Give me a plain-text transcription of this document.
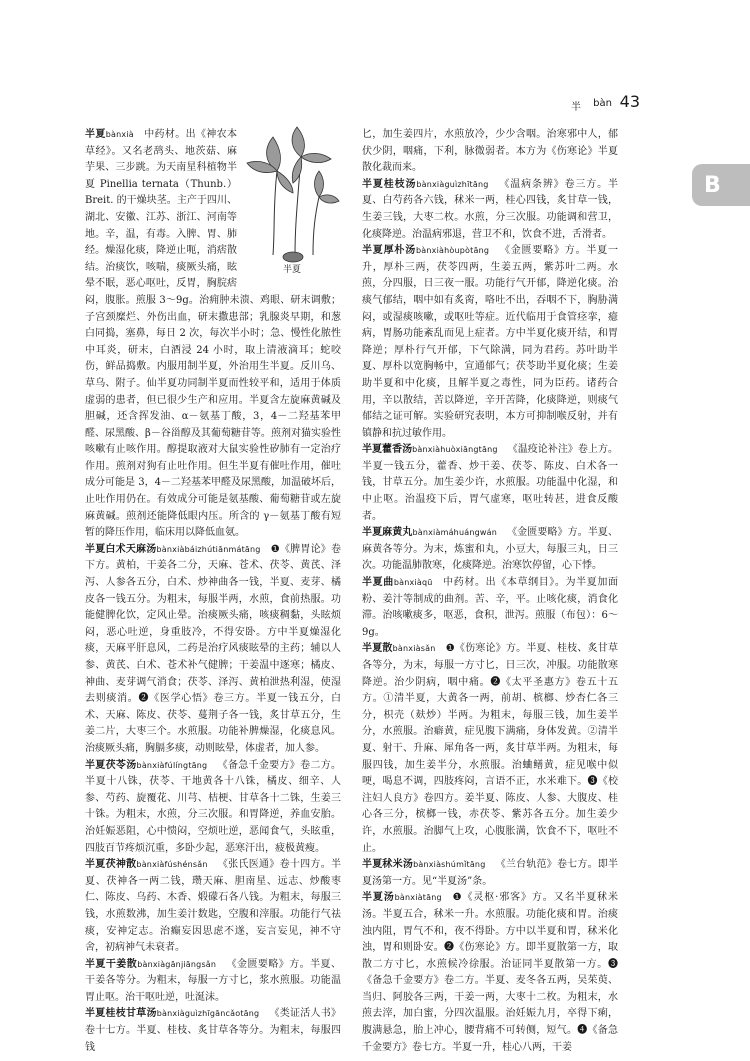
半 bàn 43
B
半夏

半夏bànxià  中药材。出《神农本草经》。又名老鸹头、地茨菇、麻芋果、三步跳。为天南星科植物半夏 Pinellia ternata（Thunb.）Breit. 的干燥块茎。主产于四川、湖北、安徽、江苏、浙江、河南等地。辛，温，有毒。入脾、胃、肺经。燥湿化痰，降逆止呃，消痞散结。治痰饮，咳喘，痰厥头痛，眩晕不眠，恶心呕吐，反胃，胸脘痞闷，腹胀。煎服 3～9g。治痈肿未溃、鸡眼、研末调敷；子宫颈糜烂、外伤出血，研末撒患部；乳腺炎早期，和葱白同捣，塞鼻，每日 2 次，每次半小时；急、慢性化脓性中耳炎，研末，白酒浸 24 小时，取上清液滴耳；蛇咬伤，鲜品捣敷。内服用制半夏，外治用生半夏。反川乌、草乌、附子。仙半夏功同制半夏而性较平和，适用于体质虚弱的患者，但已很少生产和应用。半夏含左旋麻黄碱及胆碱，还含挥发油、α－氨基丁酸，3，4－二羟基苯甲醛、尿黑酸、β－谷甾醇及其葡萄糖苷等。煎剂对猫实验性咳嗽有止咳作用。醇提取液对大鼠实验性矽肺有一定治疗作用。煎剂对狗有止吐作用。但生半夏有催吐作用，催吐成分可能是 3，4－二羟基苯甲醛及尿黑酸，加温破坏后，止吐作用仍在。有效成分可能是氨基酸、葡萄糖苷或左旋麻黄碱。煎剂还能降低眼内压。所含的 γ－氨基丁酸有短暂的降压作用，临床用以降低血氨。

半夏白术天麻汤bànxiàbáizhútiānmátāng  ❶《脾胃论》卷下方。黄柏，干姜各二分，天麻、苍术、茯苓、黄芪、泽泻、人参各五分，白术、炒神曲各一钱，半夏、麦芽、橘皮各一钱五分。为粗末，每服半两，水煎，食前热服。功能健脾化饮，定风止晕。治痰厥头痛，咳痰稠黏，头眩烦闷，恶心吐逆，身重肢冷，不得安卧。方中半夏燥湿化痰，天麻平肝息风，二药是治疗风痰眩晕的主药；辅以人参、黄芪、白术、苍术补气健脾；干姜温中逐寒；橘皮、神曲、麦芽调气消食；茯苓、泽泻、黄柏泄热利湿，使湿去则痰消。❷《医学心悟》卷三方。半夏一钱五分，白术、天麻、陈皮、茯苓、蔓荆子各一钱，炙甘草五分，生姜二片，大枣三个。水煎服。功能补脾燥湿，化痰息风。治痰厥头痛，胸膈多痰，动则眩晕，体虚者，加人参。

半夏茯苓汤bànxiàfúlíngtāng  《备急千金要方》卷二方。半夏十八铢，茯苓、干地黄各十八铢，橘皮、细辛、人参、芍药、旋覆花、川芎、桔梗、甘草各十二铢，生姜三十铢。为粗末，水煎，分三次服。和胃降逆，养血安胎。治妊娠恶阻，心中愦闷，空烦吐逆，恶闻食气，头眩重，四肢百节疼烦沉重，多卧少起，恶寒汗出，疲极黄瘦。

半夏茯神散bànxiàfúshénsǎn  《张氏医通》卷十四方。半夏、茯神各一两二钱，瓒天麻、胆南星、远志、炒酸枣仁、陈皮、乌药、木香、煅礞石各八钱。为粗末，每服三钱，水煎数沸，加生姜汁数匙，空腹和滓服。功能行气祛痰，安神定志。治癫妄因思虑不遂，妄言妄见，神不守舍，初病神气未衰者。

半夏干姜散bànxiàgānjiāngsǎn  《金匮要略》方。半夏、干姜各等分。为粗末，每服一方寸匕，浆水煎服。功能温胃止呕。治干呕吐逆，吐涎沫。

半夏桂枝甘草汤bànxiàguìzhīgāncǎotāng  《类证活人书》卷十七方。半夏、桂枝、炙甘草各等分。为粗末，每服四钱

匕，加生姜四片，水煎放冷，少少含咽。治寒邪中人，郁伏少阴，咽痛，下利，脉微弱者。本方为《伤寒论》半夏散化裁而来。

半夏桂枝汤bànxiàguìzhītāng  《温病条辨》卷三方。半夏、白芍药各六钱，秫米一两，桂心四钱，炙甘草一钱，生姜三钱，大枣二枚。水煎，分三次服。功能调和营卫，化痰降逆。治温病邪退，营卫不和，饮食不进，舌滑者。

半夏厚朴汤bànxiàhòupòtāng  《金匮要略》方。半夏一升，厚朴三两，茯苓四两，生姜五两，紫苏叶二两。水煎，分四服，日三夜一服。功能行气开郁，降逆化痰。治痰气郁结，咽中如有炙脔，咯吐不出，吞咽不下，胸胁满闷，或湿痰咳嗽，或呕吐等症。近代临用于食管痉挛，癔病，胃肠功能紊乱而见上症者。方中半夏化痰开结，和胃降逆；厚朴行气开郁，下气除满，同为君药。苏叶助半夏、厚朴以宽胸畅中，宣通郁气；茯苓助半夏化痰；生姜助半夏和中化痰，且解半夏之毒性，同为臣药。诸药合用，辛以散结，苦以降逆，辛开苦降，化痰降逆，则痰气郁结之证可解。实验研究表明，本方可抑制喉反射，并有镇静和抗过敏作用。

半夏藿香汤bànxiàhuòxiāngtāng  《温疫论补注》卷上方。半夏一钱五分，藿香、炒干姜、茯苓、陈皮、白术各一钱，甘草五分。加生姜少许，水煎服。功能温中化湿，和中止呕。治温疫下后，胃气虚寒，呕吐转甚，进食反酸者。

半夏麻黄丸bànxiàmáhuángwán  《金匮要略》方。半夏、麻黄各等分。为末，炼蜜和丸，小豆大，每服三丸，日三次。功能温肺散寒，化痰降逆。治寒饮停留，心下悸。

半夏曲bànxiàqū  中药材。出《本草纲目》。为半夏加面粉、姜汁等制成的曲剂。苦、辛，平。止咳化痰，消食化滞。治咳嗽痰多，呕恶，食积，泄泻。煎服（布包）：6～9g。

半夏散bànxiàsǎn  ❶《伤寒论》方。半夏、桂枝、炙甘草各等分，为末，每服一方寸匕，日三次，冲服。功能散寒降逆。治少阴病，咽中痛。❷《太平圣惠方》卷五十五方。①清半夏，大黄各一两，前胡、槟榔、炒杏仁各三分，枳壳（麸炒）半两。为粗末，每服三钱，加生姜半分，水煎服。治癖黄，症见腹下满痛，身体发黄。②清半夏、射干、升麻、犀角各一两，炙甘草半两。为粗末，每服四钱，加生姜半分，水煎服。治蛐鳝黄，症见喉中似哽，喝息不调，四肢疼闷，言语不正，水米难下。❸《校注妇人良方》卷四方。姜半夏、陈皮、人参、大腹皮、桂心各三分，槟榔一钱，赤茯苓、紫苏各五分。加生姜少许，水煎服。治脚气上攻，心腹胀满，饮食不下，呕吐不止。

半夏秫米汤bànxiàshúmǐtāng  《兰台轨范》卷七方。即半夏汤第一方。见“半夏汤”条。

半夏汤bànxiàtāng  ❶《灵枢·邪客》方。又名半夏秫米汤。半夏五合，秫米一升。水煎服。功能化痰和胃。治痰浊内阻，胃气不和，夜不得卧。方中以半夏和胃，秫米化浊，胃和则卧安。❷《伤寒论》方。即半夏散第一方，取散二方寸匕，水煎候冷徐服。治证同半夏散第一方。❸《备急千金要方》卷二方。半夏、麦冬各五两，吴茱萸、当归、阿胶各三两，干姜一两，大枣十二枚。为粗末，水煎去滓，加白蜜，分四次温服。治妊娠九月，卒得下痢，腹满悬急，胎上冲心，腰背痛不可转侧，短气。❹《备急千金要方》卷七方。半夏一升，桂心八两，干姜
